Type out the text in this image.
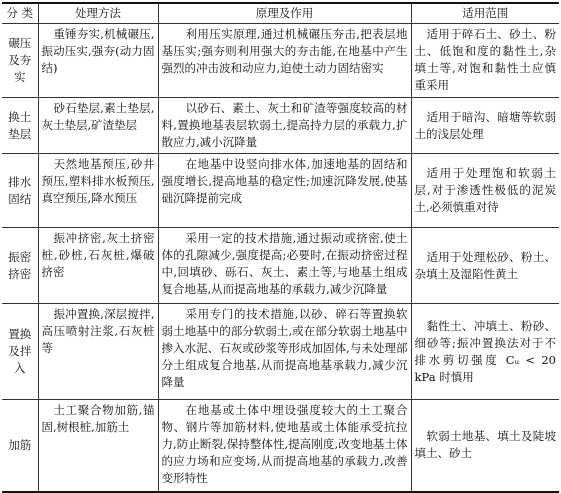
分 类	处理方法	原理及作用	适用范围
碾压及夯实	重锤夯实,机械碾压,振动压实,强夯(动力固结)	利用压实原理,通过机械碾压夯击,把表层地基压实;强夯则利用强大的夯击能,在地基中产生强烈的冲击波和动应力,迫使土动力固结密实	适用于碎石土、砂土、粉土、低饱和度的黏性土,杂填土等,对饱和黏性土应慎重采用
换土垫层	砂石垫层,素土垫层,灰土垫层,矿渣垫层	以砂石、素土、灰土和矿渣等强度较高的材料,置换地基表层软弱土,提高持力层的承载力,扩散应力,减小沉降量	适用于暗沟、暗塘等软弱土的浅层处理
排水固结	天然地基预压,砂井预压,塑料排水板预压,真空预压,降水预压	在地基中设竖向排水体,加速地基的固结和强度增长,提高地基的稳定性;加速沉降发展,使基础沉降提前完成	适用于处理饱和软弱土层,对于渗透性极低的泥炭土,必须慎重对待
振密挤密	振冲挤密,灰土挤密桩,砂桩,石灰桩,爆破挤密	采用一定的技术措施,通过振动或挤密,使土体的孔隙减少,强度提高;必要时,在振动挤密过程中,回填砂、砾石、灰土、素土等,与地基土组成复合地基,从而提高地基的承载力,减少沉降量	适用于处理松砂、粉土、杂填土及湿陷性黄土
置换及拌入	振冲置换,深层搅拌,高压喷射注浆,石灰桩等	采用专门的技术措施,以砂、碎石等置换软弱土地基中的部分软弱土,或在部分软弱土地基中掺入水泥、石灰或砂浆等形成加固体,与未处理部分土组成复合地基,从而提高地基承载力,减少沉降量	黏性土、冲填土、粉砂、细砂等;振冲置换法对于不排水剪切强度 Cᵤ < 20 kPa 时慎用
加筋	土工聚合物加筋,锚固,树根桩,加筋土	在地基或土体中埋设强度较大的土工聚合物、钢片等加筋材料,使地基或土体能承受抗拉力,防止断裂,保持整体性,提高刚度,改变地基土体的应力场和应变场,从而提高地基的承载力,改善变形特性	软弱土地基、填土及陡坡填土、砂土
